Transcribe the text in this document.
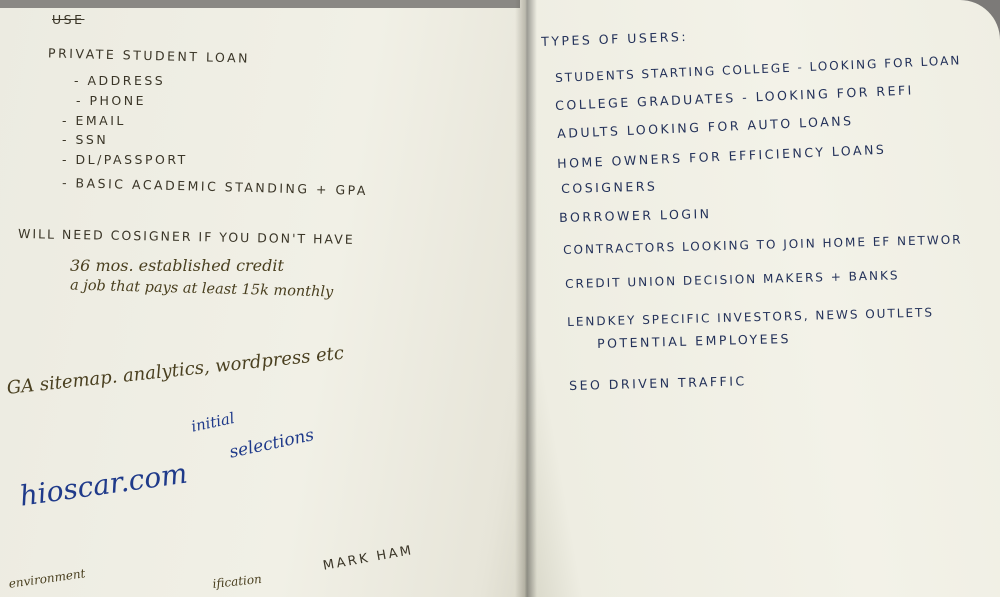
USE

PRIVATE STUDENT LOAN

- ADDRESS

- PHONE

- EMAIL

- SSN

- DL/PASSPORT

- BASIC ACADEMIC STANDING + GPA

WILL NEED COSIGNER IF YOU DON'T HAVE

36 mos. established credit

a job that pays at least 15k monthly

GA sitemap. analytics, wordpress etc

initial

selections

hioscar.com

MARK HAM

environment	ification

TYPES OF USERS:

STUDENTS STARTING COLLEGE - LOOKING FOR LOAN

COLLEGE GRADUATES - LOOKING FOR REFI

ADULTS LOOKING FOR AUTO LOANS

HOME OWNERS FOR EFFICIENCY LOANS

COSIGNERS

BORROWER LOGIN

CONTRACTORS LOOKING TO JOIN HOME EF NETWOR

CREDIT UNION DECISION MAKERS + BANKS

LENDKEY SPECIFIC INVESTORS, NEWS OUTLETS

POTENTIAL EMPLOYEES

SEO DRIVEN TRAFFIC
